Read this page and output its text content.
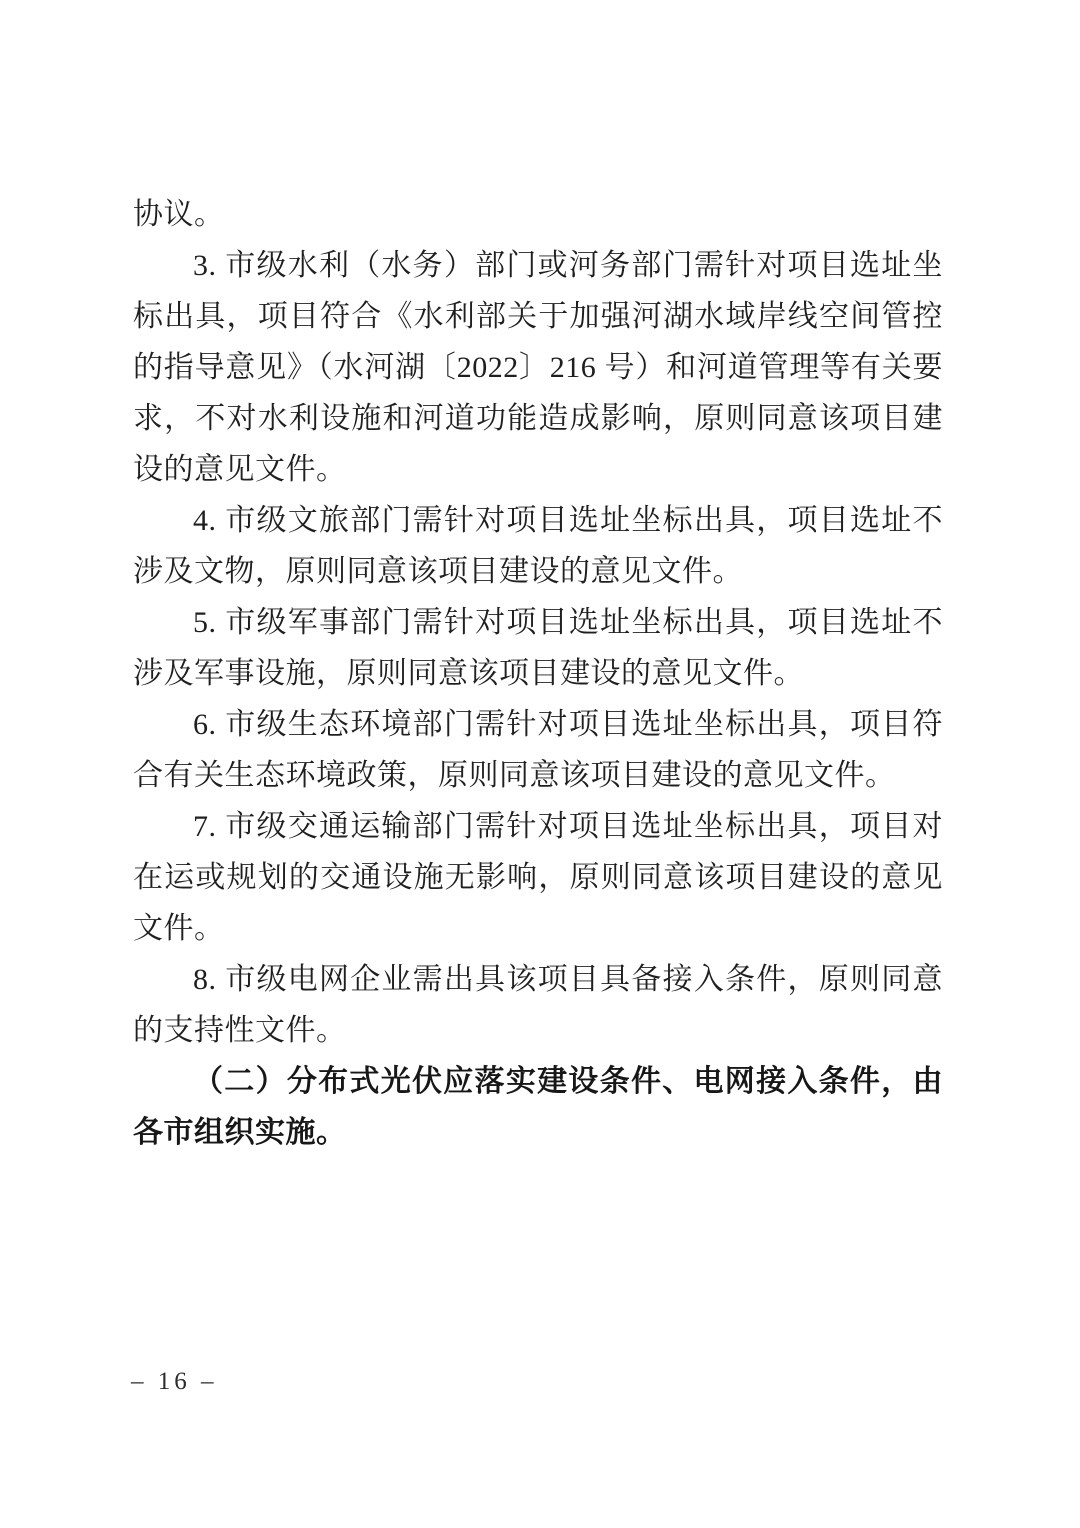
协议。

3. 市级水利（水务）部门或河务部门需针对项目选址坐标出具，项目符合《水利部关于加强河湖水域岸线空间管控的指导意见》（水河湖〔2022〕216 号）和河道管理等有关要求，不对水利设施和河道功能造成影响，原则同意该项目建设的意见文件。

4. 市级文旅部门需针对项目选址坐标出具，项目选址不涉及文物，原则同意该项目建设的意见文件。

5. 市级军事部门需针对项目选址坐标出具，项目选址不涉及军事设施，原则同意该项目建设的意见文件。

6. 市级生态环境部门需针对项目选址坐标出具，项目符合有关生态环境政策，原则同意该项目建设的意见文件。

7. 市级交通运输部门需针对项目选址坐标出具，项目对在运或规划的交通设施无影响，原则同意该项目建设的意见文件。

8. 市级电网企业需出具该项目具备接入条件，原则同意的支持性文件。

（二）分布式光伏应落实建设条件、电网接入条件，由各市组织实施。

– 16 –
